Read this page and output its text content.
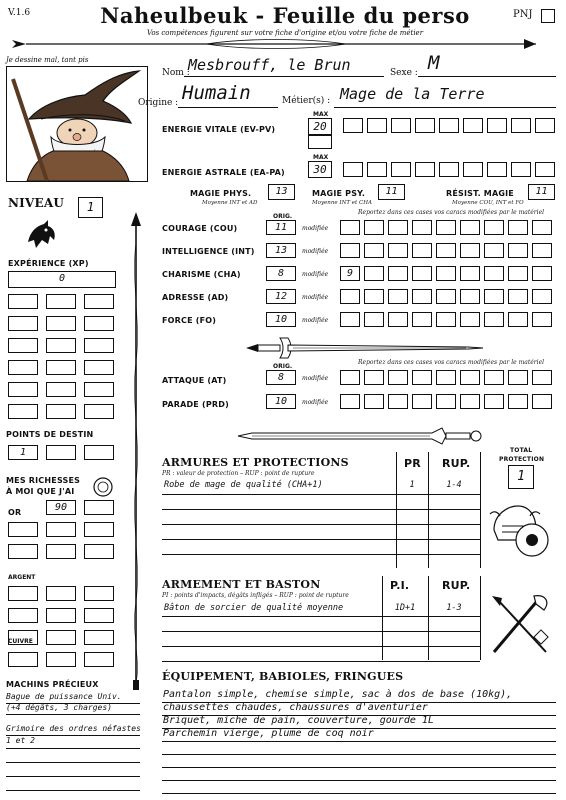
V.1.6	Naheulbeuk - Feuille du perso
Vos compétences figurent sur votre fiche d'origine et/ou votre fiche de métier
PNJ
Je dessine mal, tant pis
Nom :
Mesbrouff, le Brun	Sexe : M
Origine : Humain	Métier(s) : Mage de la Terre
ENERGIE VITALE (EV-PV)
MAX
20
ENERGIE ASTRALE (EA-PA)
MAX
30
MAGIE PHYS.	13
Moyenne INT et AD
MAGIE PSY.	11
Moyenne INT et CHA
RÉSIST. MAGIE	11
Moyenne COU, INT et FO
ORIG.
Reportez dans ces cases vos caracs modifiées par le matériel
COURAGE (COU)	11	modifiée
INTELLIGENCE (INT)	13	modifiée
CHARISME (CHA)	8	modifiée	9
ADRESSE (AD)	12	modifiée
FORCE (FO)	10	modifiée
ORIG.
Reportez dans ces cases vos caracs modifiées par le matériel
ATTAQUE (AT)	8	modifiée
PARADE (PRD)	10	modifiée
NIVEAU	1
EXPÉRIENCE (XP)
0
POINTS DE DESTIN
1
MES RICHESSES
À MOI QUE J'AI
OR	90
ARGENT
CUIVRE
MACHINS PRÉCIEUX
Bague de puissance Univ.
(+4 dégâts, 3 charges)
Grimoire des ordres néfastes
1 et 2
ARMURES ET PROTECTIONS
PR : valeur de protection – RUP : point de rupture
PR RUP.
TOTAL
PROTECTION
1
Robe de mage de qualité (CHA+1)	1	1-4
ARMEMENT ET BASTON
PI : points d'impacts, dégâts infligés – RUP : point de rupture
P.I.	RUP.
Bâton de sorcier de qualité moyenne	1D+1	1-3
ÉQUIPEMENT, BABIOLES, FRINGUES
Pantalon simple, chemise simple, sac à dos de base (10kg),
chaussettes chaudes, chaussures d'aventurier
Briquet, miche de pain, couverture, gourde 1L
Parchemin vierge, plume de coq noir
